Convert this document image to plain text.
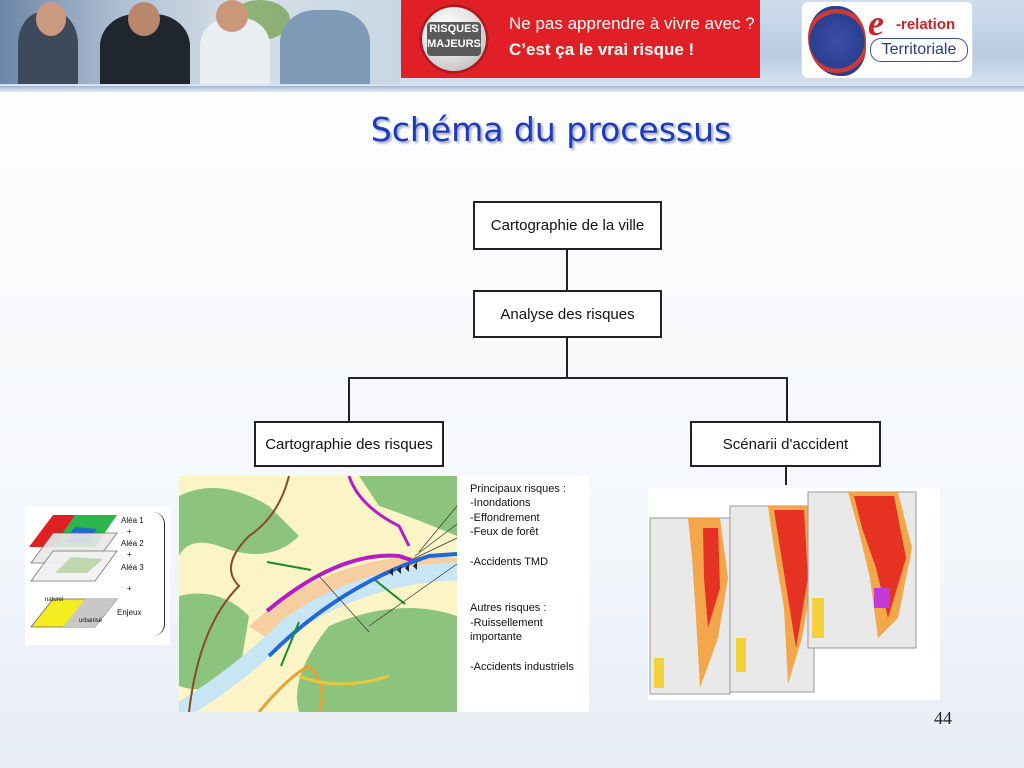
RISQUES
MAJEURS
Ne pas apprendre à vivre avec ?
C’est ça le vrai risque !
e -relation
Territoriale
Schéma du processus
Cartographie de la ville
Analyse des risques
Cartographie des risques	Scénarii d'accident
Aléa 1
+
Aléa 2
+
Aléa 3
+
Enjeux
naturel
urbanisé
Principaux risques :
-Inondations
-Effondrement
-Feux de forêt
-Accidents TMD
Autres risques :
-Ruissellement
importante
-Accidents industriels
44
